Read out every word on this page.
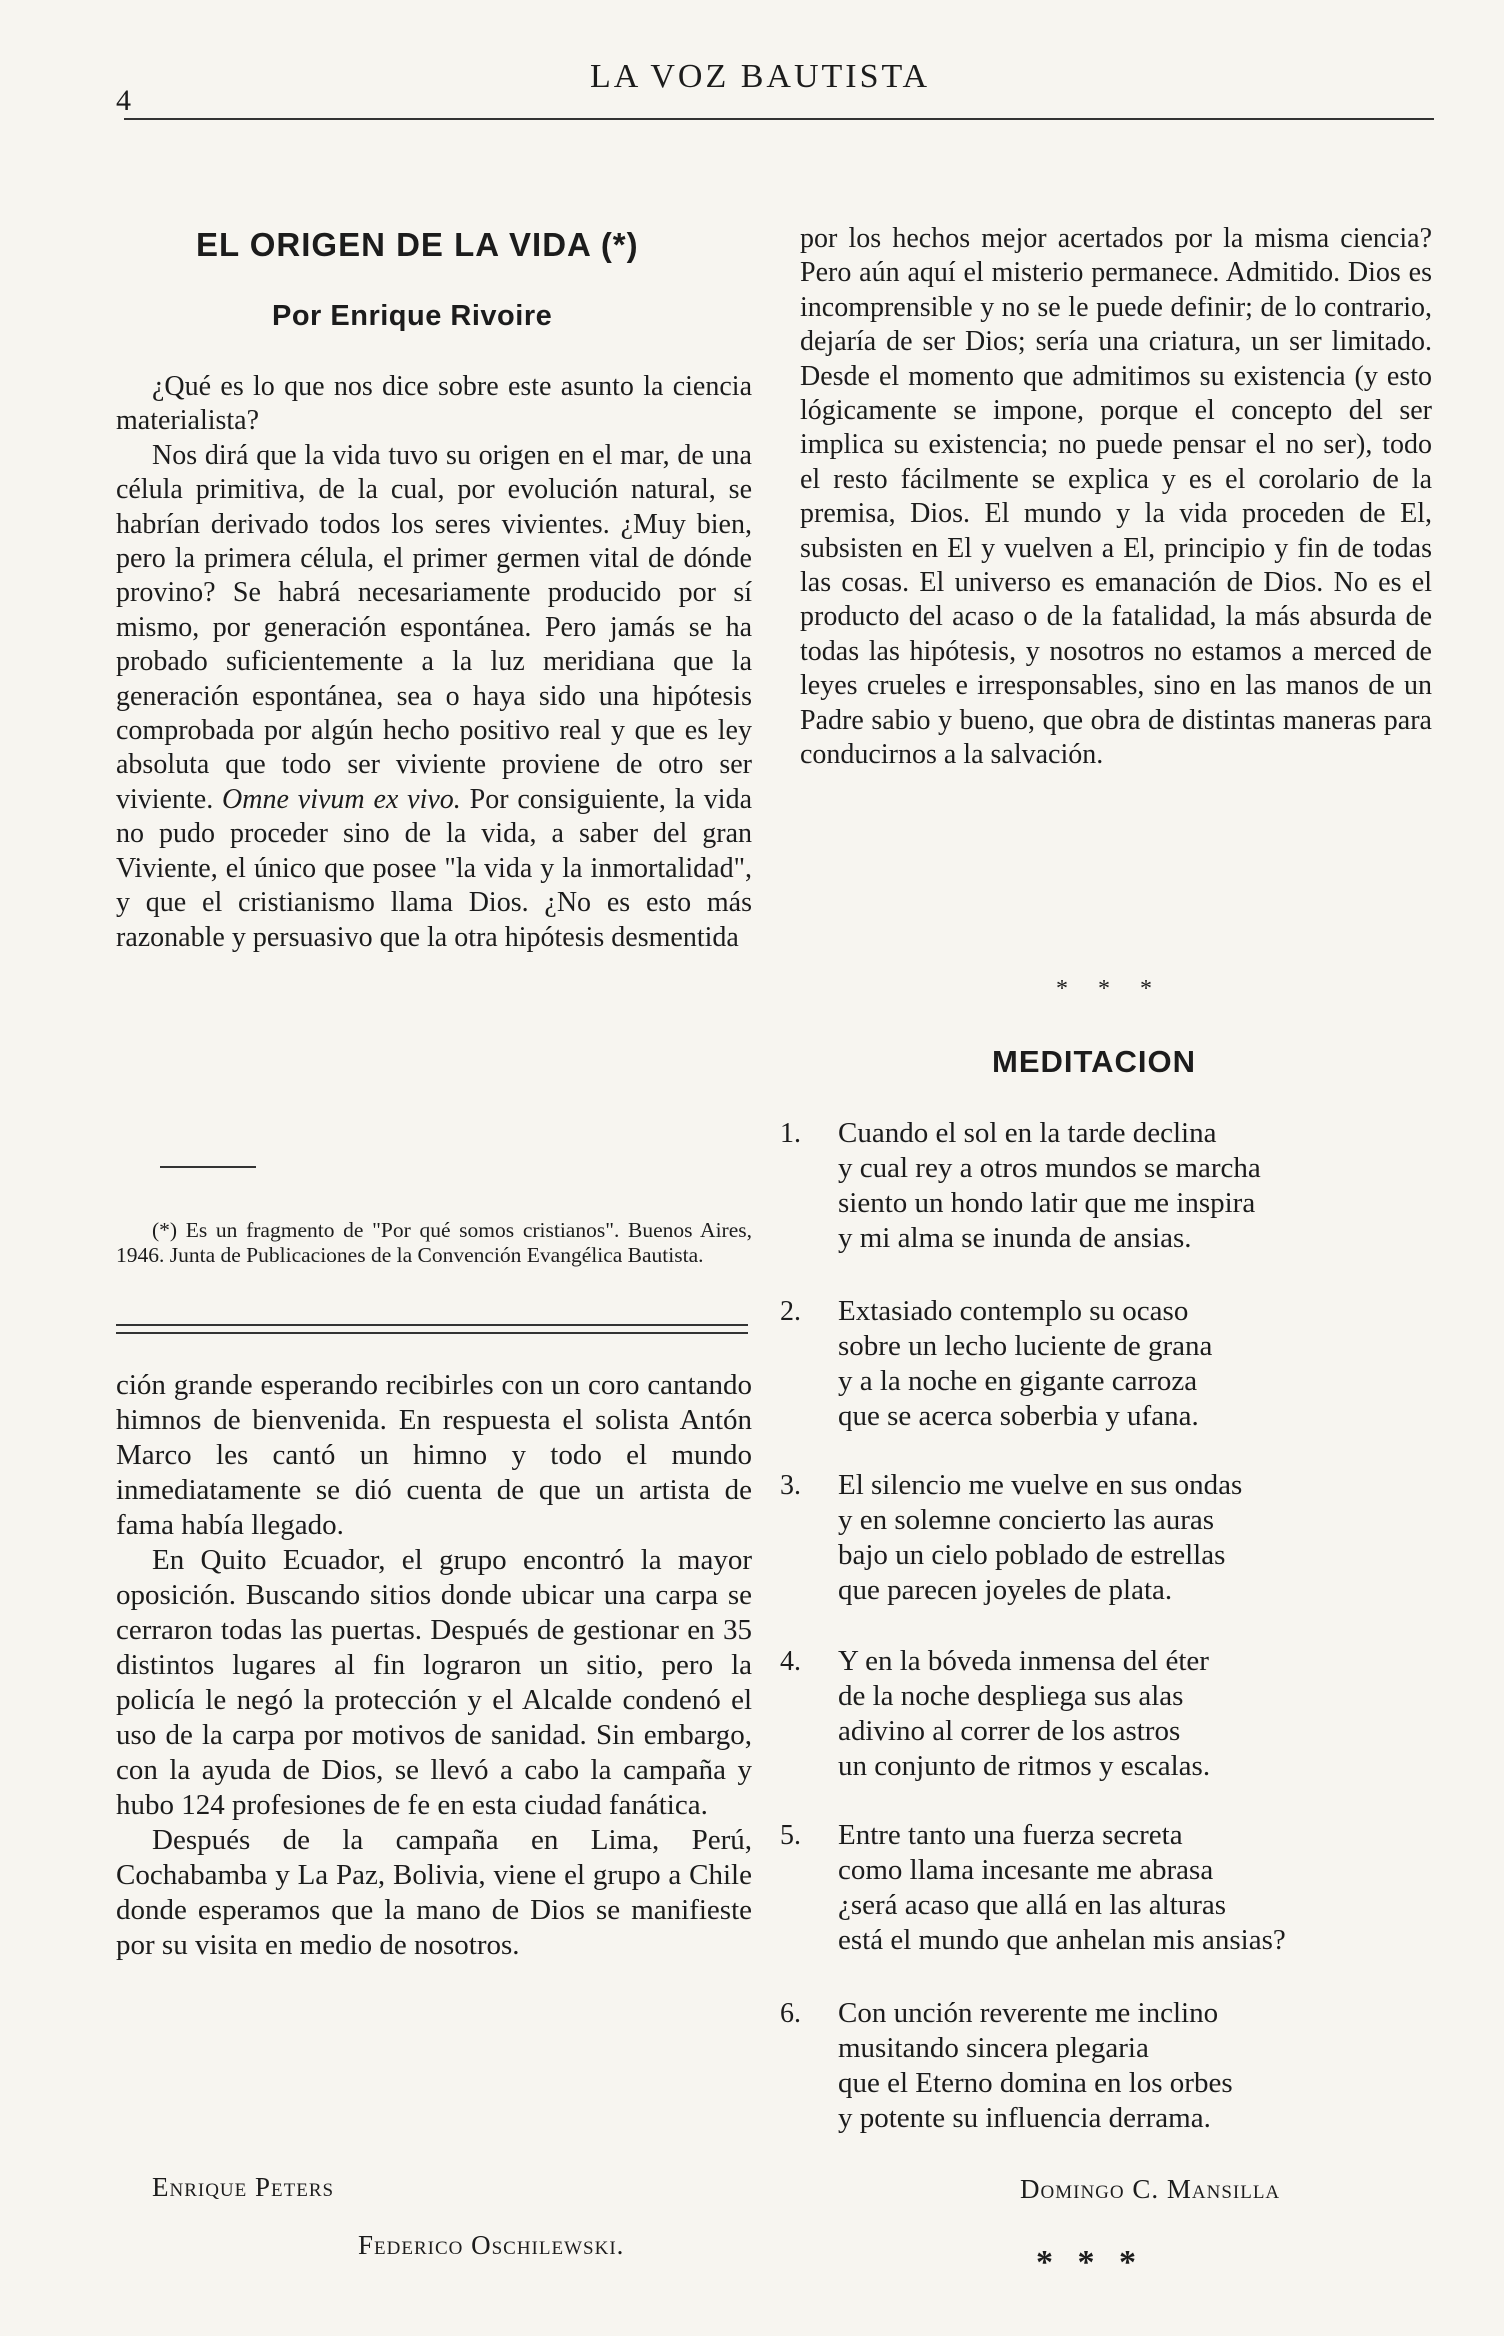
4
LA VOZ BAUTISTA
EL ORIGEN DE LA VIDA (*)
Por Enrique Rivoire

¿Qué es lo que nos dice sobre este asunto la ciencia materialista?

Nos dirá que la vida tuvo su origen en el mar, de una célula primitiva, de la cual, por evolución natural, se habrían derivado todos los seres vivientes. ¿Muy bien, pero la primera célula, el primer germen vital de dónde provino? Se habrá necesariamente producido por sí mismo, por generación espontánea. Pero jamás se ha probado suficientemente a la luz meridiana que la generación espontánea, sea o haya sido una hipótesis comprobada por algún hecho positivo real y que es ley absoluta que todo ser viviente proviene de otro ser viviente. Omne vivum ex vivo. Por consiguiente, la vida no pudo proceder sino de la vida, a saber del gran Viviente, el único que posee "la vida y la inmortalidad", y que el cristianismo llama Dios. ¿No es esto más razonable y persuasivo que la otra hipótesis desmentida

(*) Es un fragmento de "Por qué somos cristianos". Buenos Aires, 1946. Junta de Publicaciones de la Convención Evangélica Bautista.

ción grande esperando recibirles con un coro cantando himnos de bienvenida. En respuesta el solista Antón Marco les cantó un himno y todo el mundo inmediatamente se dió cuenta de que un artista de fama había llegado.

En Quito Ecuador, el grupo encontró la mayor oposición. Buscando sitios donde ubicar una carpa se cerraron todas las puertas. Después de gestionar en 35 distintos lugares al fin lograron un sitio, pero la policía le negó la protección y el Alcalde condenó el uso de la carpa por motivos de sanidad. Sin embargo, con la ayuda de Dios, se llevó a cabo la campaña y hubo 124 profesiones de fe en esta ciudad fanática.

Después de la campaña en Lima, Perú, Cochabamba y La Paz, Bolivia, viene el grupo a Chile donde esperamos que la mano de Dios se manifieste por su visita en medio de nosotros.

Enrique Peters
Federico Oschilewski.

por los hechos mejor acertados por la misma ciencia? Pero aún aquí el misterio permanece. Admitido. Dios es incomprensible y no se le puede definir; de lo contrario, dejaría de ser Dios; sería una criatura, un ser limitado. Desde el momento que admitimos su existencia (y esto lógicamente se impone, porque el concepto del ser implica su existencia; no puede pensar el no ser), todo el resto fácilmente se explica y es el corolario de la premisa, Dios. El mundo y la vida proceden de El, subsisten en El y vuelven a El, principio y fin de todas las cosas. El universo es emanación de Dios. No es el producto del acaso o de la fatalidad, la más absurda de todas las hipótesis, y nosotros no estamos a merced de leyes crueles e irresponsables, sino en las manos de un Padre sabio y bueno, que obra de distintas maneras para conducirnos a la salvación.

* * *
MEDITACION
1. Cuando el sol en la tarde declina
y cual rey a otros mundos se marcha
siento un hondo latir que me inspira
y mi alma se inunda de ansias.
2. Extasiado contemplo su ocaso
sobre un lecho luciente de grana
y a la noche en gigante carroza
que se acerca soberbia y ufana.
3. El silencio me vuelve en sus ondas
y en solemne concierto las auras
bajo un cielo poblado de estrellas
que parecen joyeles de plata.
4. Y en la bóveda inmensa del éter
de la noche despliega sus alas
adivino al correr de los astros
un conjunto de ritmos y escalas.
5. Entre tanto una fuerza secreta
como llama incesante me abrasa
¿será acaso que allá en las alturas
está el mundo que anhelan mis ansias?
6. Con unción reverente me inclino
musitando sincera plegaria
que el Eterno domina en los orbes
y potente su influencia derrama.
Domingo C. Mansilla
* * *
